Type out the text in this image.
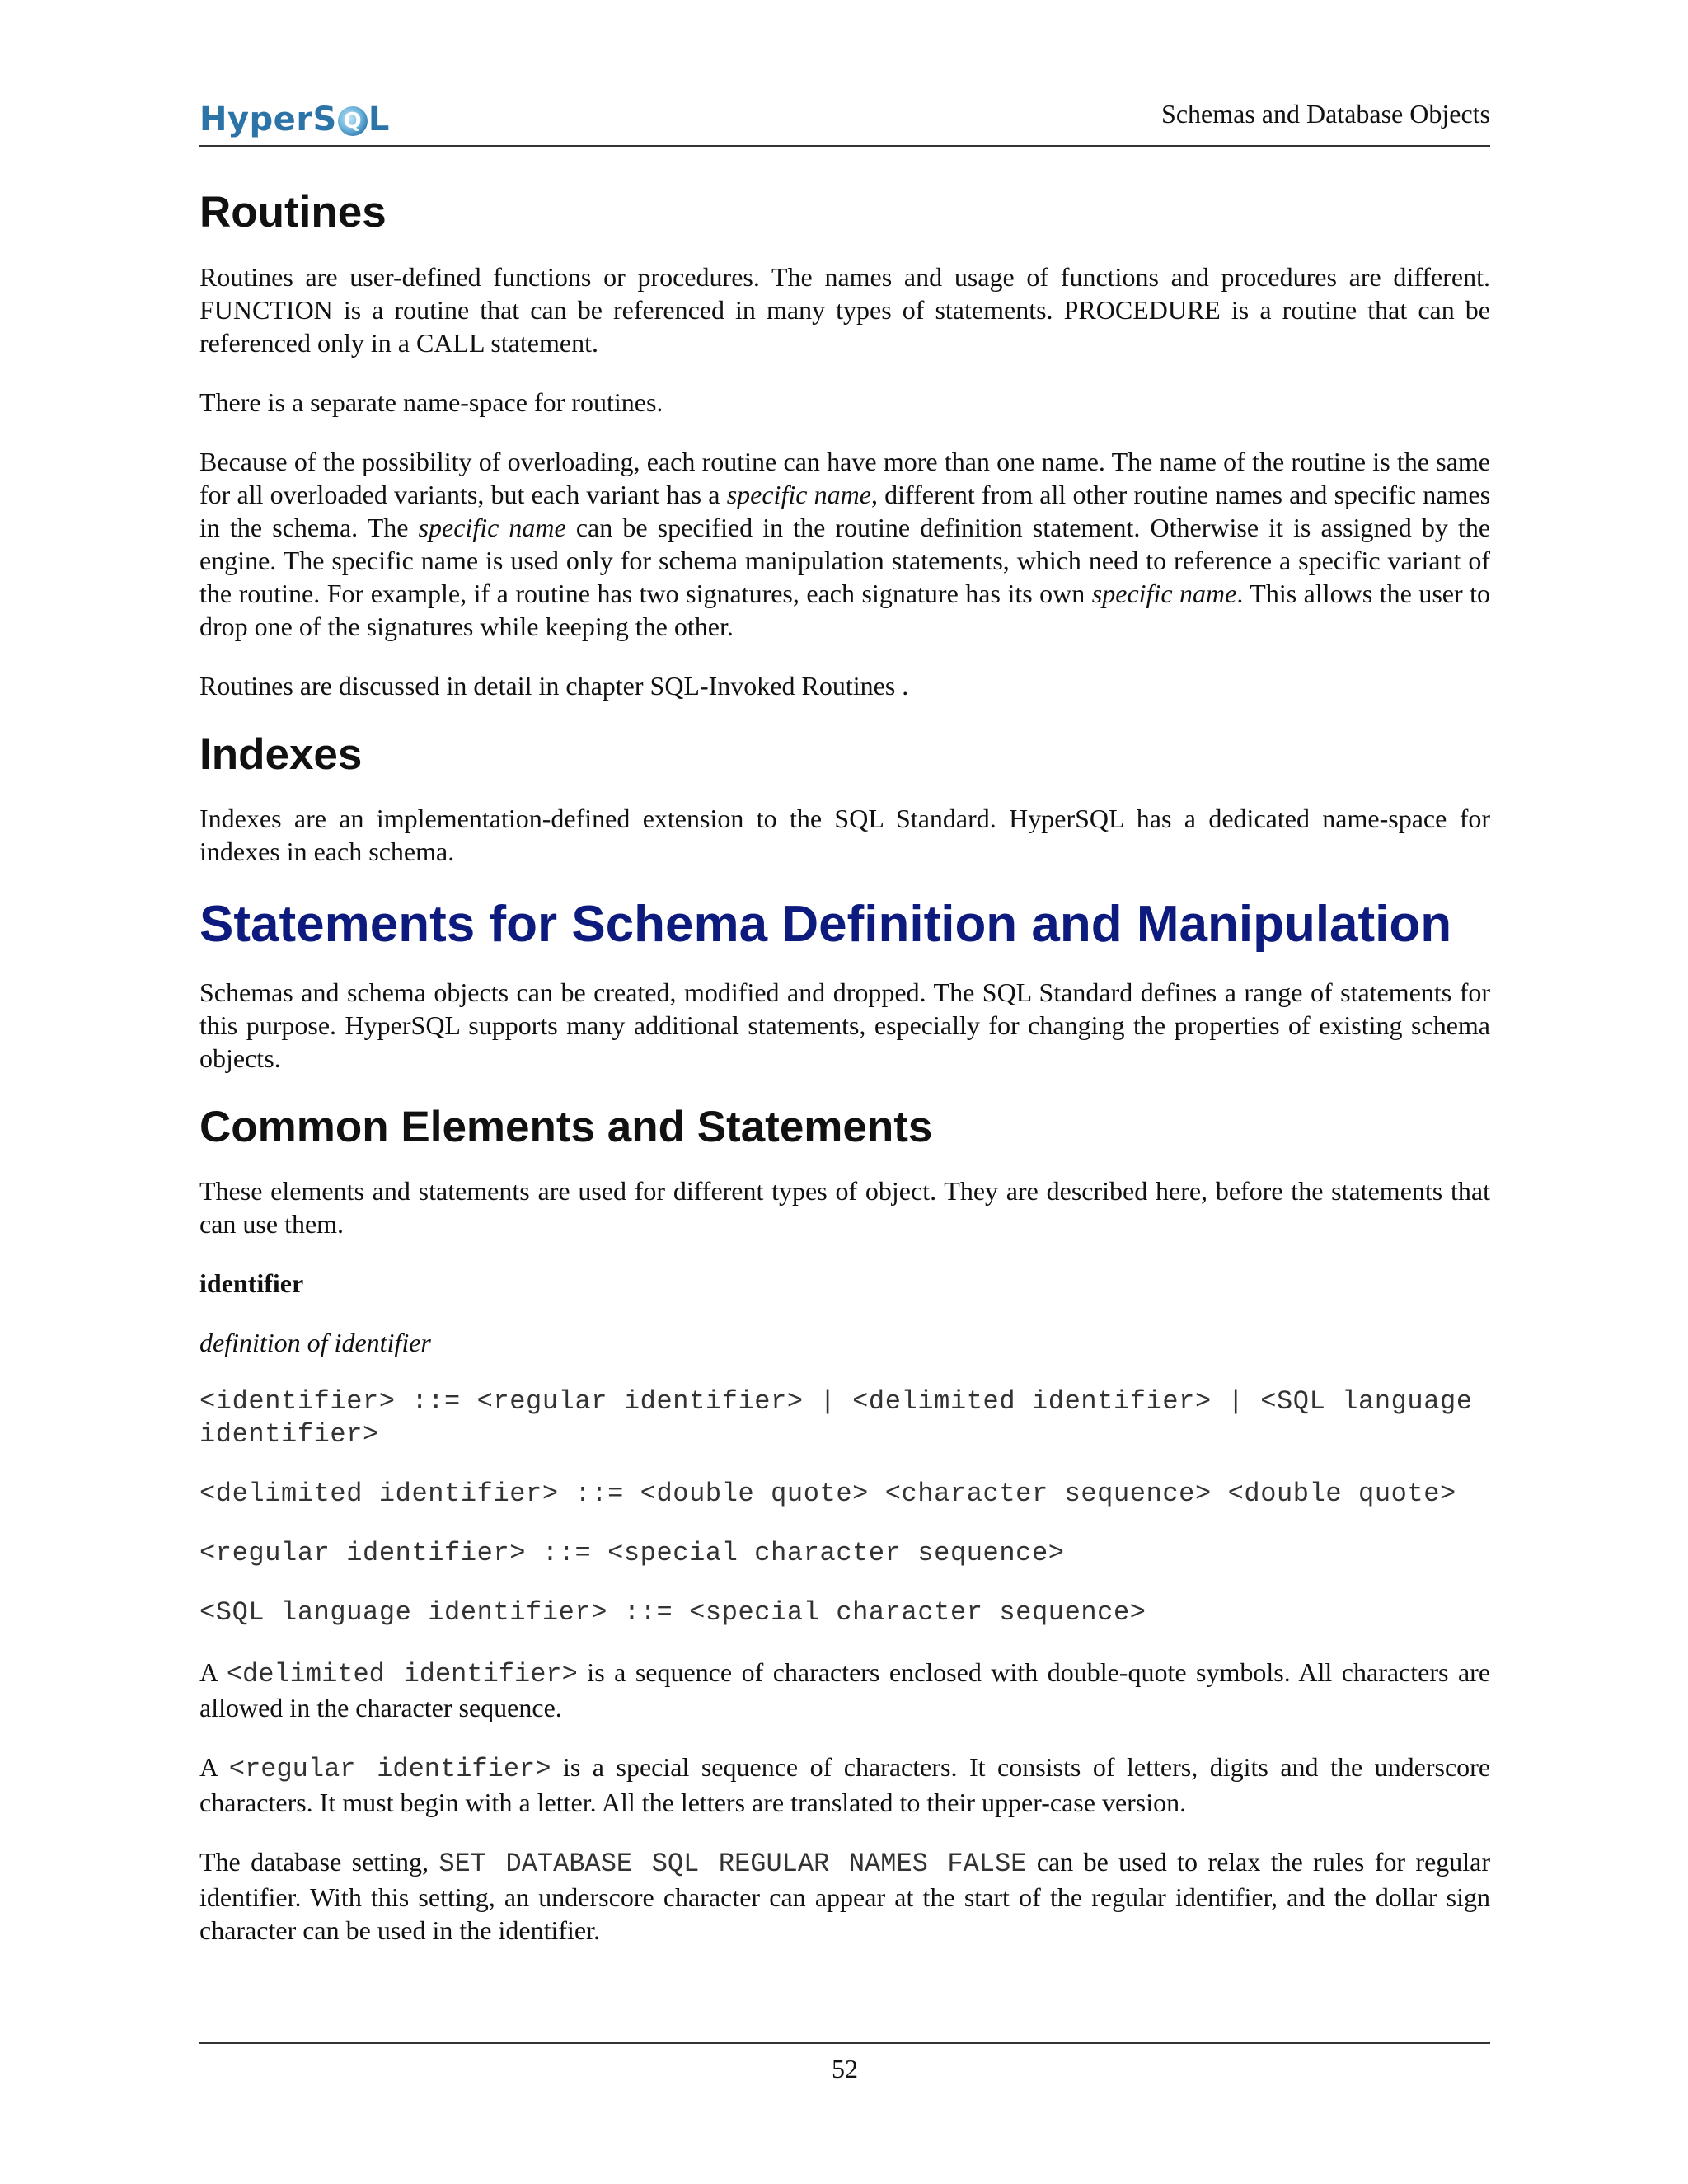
HyperS Q L	Schemas and Database Objects
Routines

Routines are user-defined functions or procedures. The names and usage of functions and procedures are different. FUNCTION is a routine that can be referenced in many types of statements. PROCEDURE is a routine that can be referenced only in a CALL statement.

There is a separate name-space for routines.

Because of the possibility of overloading, each routine can have more than one name. The name of the routine is the same for all overloaded variants, but each variant has a specific name, different from all other routine names and specific names in the schema. The specific name can be specified in the routine definition statement. Otherwise it is assigned by the engine. The specific name is used only for schema manipulation statements, which need to reference a specific variant of the routine. For example, if a routine has two signatures, each signature has its own specific name. This allows the user to drop one of the signatures while keeping the other.

Routines are discussed in detail in chapter SQL-Invoked Routines .

Indexes

Indexes are an implementation-defined extension to the SQL Standard. HyperSQL has a dedicated name-space for indexes in each schema.

Statements for Schema Definition and Manipulation

Schemas and schema objects can be created, modified and dropped. The SQL Standard defines a range of statements for this purpose. HyperSQL supports many additional statements, especially for changing the properties of existing schema objects.

Common Elements and Statements

These elements and statements are used for different types of object. They are described here, before the statements that can use them.

identifier

definition of identifier

<identifier> ::= <regular identifier> | <delimited identifier> | <SQL language identifier>

<delimited identifier> ::= <double quote> <character sequence> <double quote>

<regular identifier> ::= <special character sequence>

<SQL language identifier> ::= <special character sequence>

A <delimited identifier> is a sequence of characters enclosed with double-quote symbols. All characters are allowed in the character sequence.

A <regular identifier> is a special sequence of characters. It consists of letters, digits and the underscore characters. It must begin with a letter. All the letters are translated to their upper-case version.

The database setting, SET DATABASE SQL REGULAR NAMES FALSE can be used to relax the rules for regular identifier. With this setting, an underscore character can appear at the start of the regular identifier, and the dollar sign character can be used in the identifier.

52
